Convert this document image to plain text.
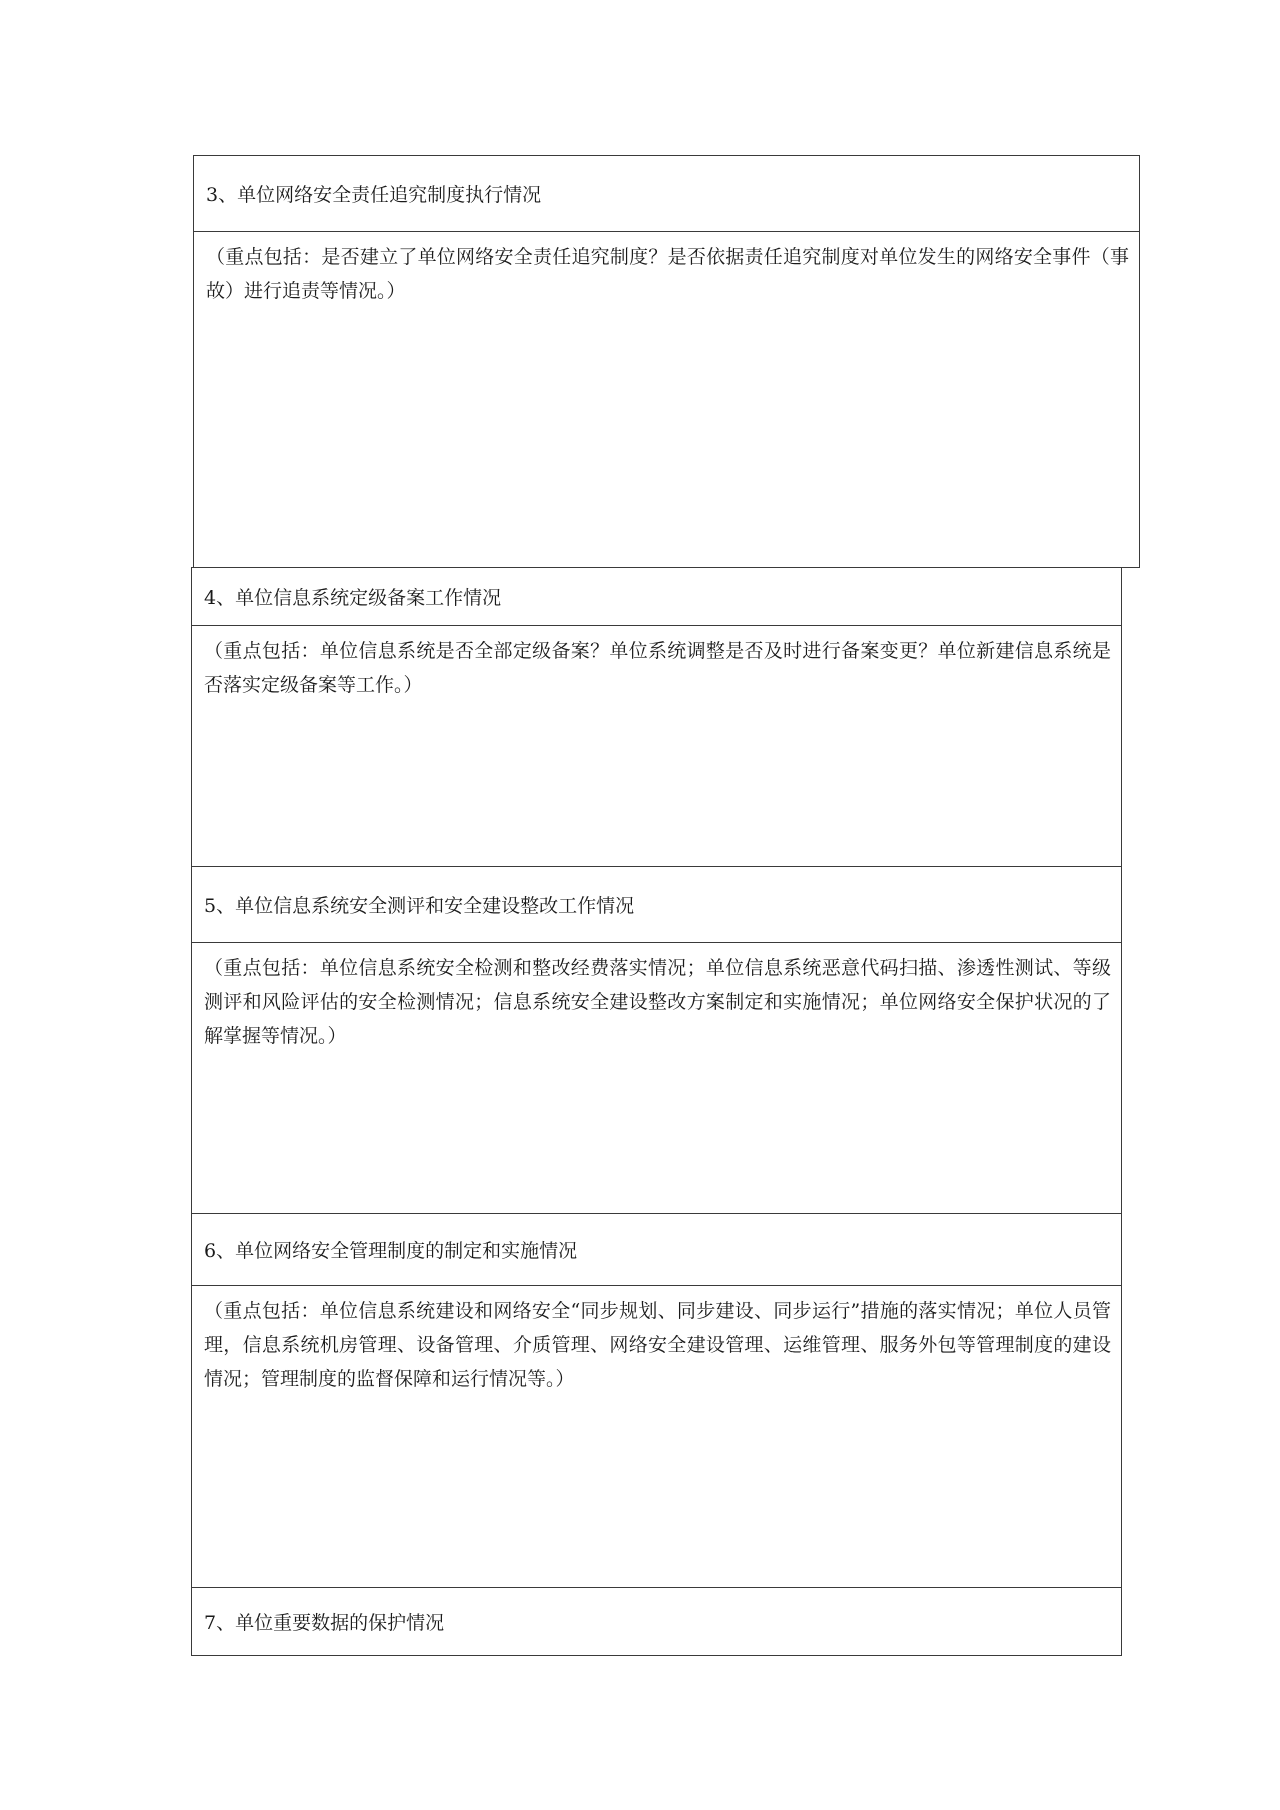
3、单位网络安全责任追究制度执行情况

（重点包括：是否建立了单位网络安全责任追究制度？是否依据责任追究制度对单位发生的网络安全事件（事故）进行追责等情况。）

4、单位信息系统定级备案工作情况

（重点包括：单位信息系统是否全部定级备案？单位系统调整是否及时进行备案变更？单位新建信息系统是否落实定级备案等工作。）

5、单位信息系统安全测评和安全建设整改工作情况

（重点包括：单位信息系统安全检测和整改经费落实情况；单位信息系统恶意代码扫描、渗透性测试、等级测评和风险评估的安全检测情况；信息系统安全建设整改方案制定和实施情况；单位网络安全保护状况的了解掌握等情况。）

6、单位网络安全管理制度的制定和实施情况

（重点包括：单位信息系统建设和网络安全“同步规划、同步建设、同步运行”措施的落实情况；单位人员管理，信息系统机房管理、设备管理、介质管理、网络安全建设管理、运维管理、服务外包等管理制度的建设情况；管理制度的监督保障和运行情况等。）

7、单位重要数据的保护情况
